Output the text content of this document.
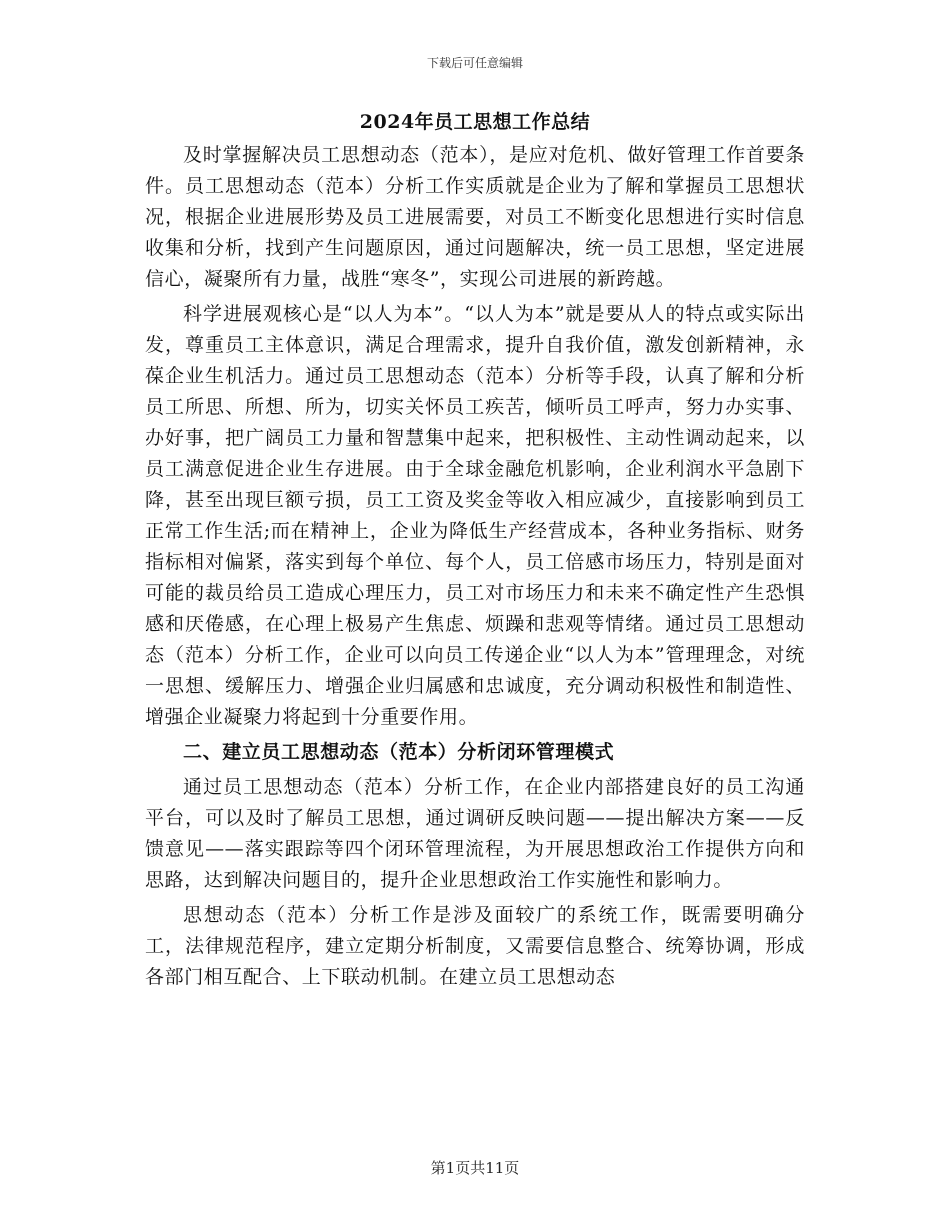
下载后可任意编辑
2024年员工思想工作总结

及时掌握解决员工思想动态（范本），是应对危机、做好管理工作首要条件。员工思想动态（范本）分析工作实质就是企业为了解和掌握员工思想状况，根据企业进展形势及员工进展需要，对员工不断变化思想进行实时信息收集和分析，找到产生问题原因，通过问题解决，统一员工思想，坚定进展信心，凝聚所有力量，战胜“寒冬”，实现公司进展的新跨越。

科学进展观核心是“以人为本”。“以人为本”就是要从人的特点或实际出发，尊重员工主体意识，满足合理需求，提升自我价值，激发创新精神，永葆企业生机活力。通过员工思想动态（范本）分析等手段，认真了解和分析员工所思、所想、所为，切实关怀员工疾苦，倾听员工呼声，努力办实事、办好事，把广阔员工力量和智慧集中起来，把积极性、主动性调动起来，以员工满意促进企业生存进展。由于全球金融危机影响，企业利润水平急剧下降，甚至出现巨额亏损，员工工资及奖金等收入相应减少，直接影响到员工正常工作生活;而在精神上，企业为降低生产经营成本，各种业务指标、财务指标相对偏紧，落实到每个单位、每个人，员工倍感市场压力，特别是面对可能的裁员给员工造成心理压力，员工对市场压力和未来不确定性产生恐惧感和厌倦感，在心理上极易产生焦虑、烦躁和悲观等情绪。通过员工思想动态（范本）分析工作，企业可以向员工传递企业“以人为本”管理理念，对统一思想、缓解压力、增强企业归属感和忠诚度，充分调动积极性和制造性、增强企业凝聚力将起到十分重要作用。

二、建立员工思想动态（范本）分析闭环管理模式

通过员工思想动态（范本）分析工作，在企业内部搭建良好的员工沟通平台，可以及时了解员工思想，通过调研反映问题——提出解决方案——反馈意见——落实跟踪等四个闭环管理流程，为开展思想政治工作提供方向和思路，达到解决问题目的，提升企业思想政治工作实施性和影响力。

思想动态（范本）分析工作是涉及面较广的系统工作，既需要明确分工，法律规范程序，建立定期分析制度，又需要信息整合、统筹协调，形成各部门相互配合、上下联动机制。在建立员工思想动态

第1页共11页
